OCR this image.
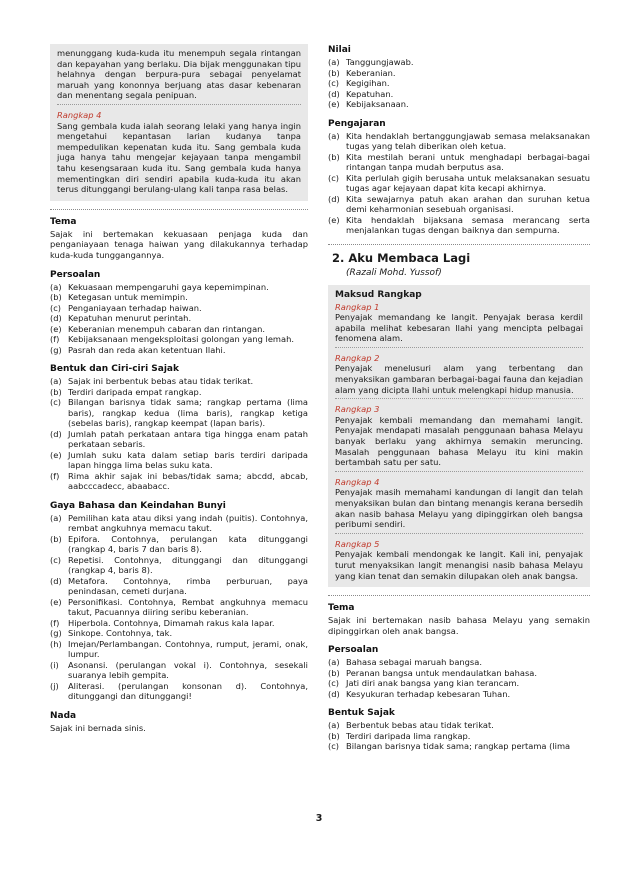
menunggang kuda-kuda itu menempuh segala rintangan dan kepayahan yang berlaku. Dia bijak menggunakan tipu helahnya dengan berpura-pura sebagai penyelamat maruah yang kononnya berjuang atas dasar kebenaran dan menentang segala penipuan.

Rangkap 4

Sang gembala kuda ialah seorang lelaki yang hanya ingin mengetahui kepantasan larian kudanya tanpa mempedulikan kepenatan kuda itu. Sang gembala kuda juga hanya tahu mengejar kejayaan tanpa mengambil tahu kesengsaraan kuda itu. Sang gembala kuda hanya mementingkan diri sendiri apabila kuda-kuda itu akan terus ditunggangi berulang-ulang kali tanpa rasa belas.

Tema

Sajak ini bertemakan kekuasaan penjaga kuda dan penganiayaan tenaga haiwan yang dilakukannya terhadap kuda-kuda tunggangannya.

Persoalan
(a) Kekuasaan mempengaruhi gaya kepemimpinan.
(b) Ketegasan untuk memimpin.
(c) Penganiayaan terhadap haiwan.
(d) Kepatuhan menurut perintah.
(e) Keberanian menempuh cabaran dan rintangan.
(f)	Kebijaksanaan mengeksploitasi golongan yang lemah.
(g) Pasrah dan reda akan ketentuan Ilahi.
Bentuk dan Ciri-ciri Sajak
(a) Sajak ini berbentuk bebas atau tidak terikat.
(b) Terdiri daripada empat rangkap.
(c) Bilangan barisnya tidak sama; rangkap pertama (lima baris), rangkap kedua (lima baris), rangkap ketiga (sebelas baris), rangkap keempat (lapan baris).
(d) Jumlah patah perkataan antara tiga hingga enam patah perkataan sebaris.
(e) Jumlah suku kata dalam setiap baris terdiri daripada lapan hingga lima belas suku kata.
(f)	Rima akhir sajak ini bebas/tidak sama; abcdd, abcab, aabcccadecc, abaabacc.
Gaya Bahasa dan Keindahan Bunyi
(a) Pemilihan kata atau diksi yang indah (puitis). Contohnya, rembat angkuhnya memacu takut.
(b) Epifora. Contohnya, perulangan kata ditunggangi (rangkap 4, baris 7 dan baris 8).
(c) Repetisi. Contohnya, ditunggangi dan ditunggangi (rangkap 4, baris 8).
(d) Metafora. Contohnya, rimba perburuan, paya penindasan, cemeti durjana.
(e) Personifikasi. Contohnya, Rembat angkuhnya memacu takut, Pacuannya diiring seribu keberanian.
(f)	Hiperbola. Contohnya, Dimamah rakus kala lapar.
(g) Sinkope. Contohnya, tak.
(h) Imejan/Perlambangan. Contohnya, rumput, jerami, onak, lumpur.
(i)	Asonansi. (perulangan vokal i). Contohnya, sesekali suaranya lebih gempita.
(j)	Aliterasi. (perulangan konsonan d). Contohnya, ditunggangi dan ditunggangi!
Nada

Sajak ini bernada sinis.

Nilai
(a) Tanggungjawab.
(b) Keberanian.
(c) Kegigihan.
(d) Kepatuhan.
(e) Kebijaksanaan.
Pengajaran
(a) Kita hendaklah bertanggungjawab semasa melaksanakan tugas yang telah diberikan oleh ketua.
(b) Kita mestilah berani untuk menghadapi berbagai-bagai rintangan tanpa mudah berputus asa.
(c) Kita perlulah gigih berusaha untuk melaksanakan sesuatu tugas agar kejayaan dapat kita kecapi akhirnya.
(d) Kita sewajarnya patuh akan arahan dan suruhan ketua demi keharmonian sesebuah organisasi.
(e) Kita hendaklah bijaksana semasa merancang serta menjalankan tugas dengan baiknya dan sempurna.
2. Aku Membaca Lagi
(Razali Mohd. Yussof)
Maksud Rangkap
Rangkap 1

Penyajak memandang ke langit. Penyajak berasa kerdil apabila melihat kebesaran Ilahi yang mencipta pelbagai fenomena alam.

Rangkap 2

Penyajak menelusuri alam yang terbentang dan menyaksikan gambaran berbagai-bagai fauna dan kejadian alam yang dicipta Ilahi untuk melengkapi hidup manusia.

Rangkap 3

Penyajak kembali memandang dan memahami langit. Penyajak mendapati masalah penggunaan bahasa Melayu banyak berlaku yang akhirnya semakin meruncing. Masalah penggunaan bahasa Melayu itu kini makin bertambah satu per satu.

Rangkap 4

Penyajak masih memahami kandungan di langit dan telah menyaksikan bulan dan bintang menangis kerana bersedih akan nasib bahasa Melayu yang dipinggirkan oleh bangsa peribumi sendiri.

Rangkap 5

Penyajak kembali mendongak ke langit. Kali ini, penyajak turut menyaksikan langit menangisi nasib bahasa Melayu yang kian tenat dan semakin dilupakan oleh anak bangsa.

Tema

Sajak ini bertemakan nasib bahasa Melayu yang semakin dipinggirkan oleh anak bangsa.

Persoalan
(a) Bahasa sebagai maruah bangsa.
(b) Peranan bangsa untuk mendaulatkan bahasa.
(c) Jati diri anak bangsa yang kian terancam.
(d) Kesyukuran terhadap kebesaran Tuhan.
Bentuk Sajak
(a) Berbentuk bebas atau tidak terikat.
(b) Terdiri daripada lima rangkap.
(c) Bilangan barisnya tidak sama; rangkap pertama (lima
3
